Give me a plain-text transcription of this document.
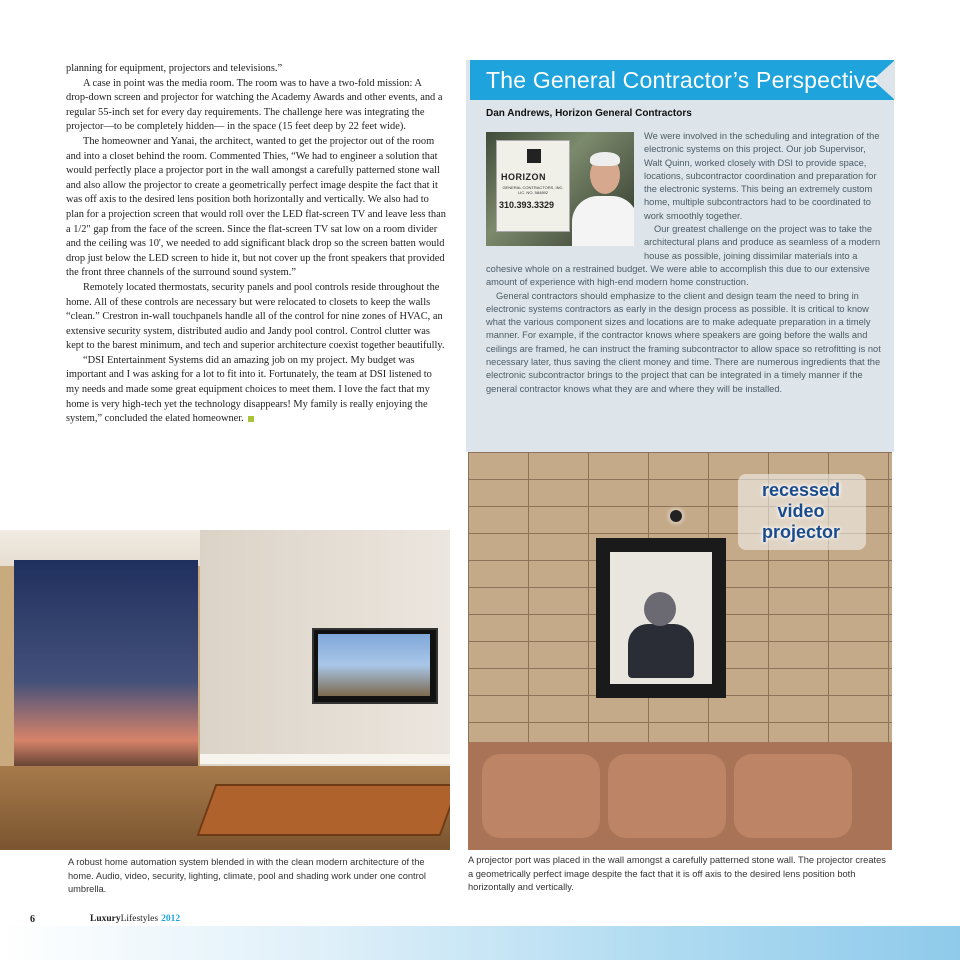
planning for equipment, projectors and televisions.”

A case in point was the media room. The room was to have a two-fold mission: A drop-down screen and projector for watching the Academy Awards and other events, and a regular 55-inch set for every day requirements. The challenge here was integrating the projector—to be completely hidden— in the space (15 feet deep by 22 feet wide).

The homeowner and Yanai, the architect, wanted to get the projector out of the room and into a closet behind the room. Commented Thies, “We had to engineer a solution that would perfectly place a projector port in the wall amongst a carefully patterned stone wall and also allow the projector to create a geometrically perfect image despite the fact that it was off axis to the desired lens position both horizontally and vertically. We also had to plan for a projection screen that would roll over the LED flat-screen TV and leave less than a 1/2" gap from the face of the screen. Since the flat-screen TV sat low on a room divider and the ceiling was 10', we needed to add significant black drop so the screen batten would drop just below the LED screen to hide it, but not cover up the front speakers that provided the front three channels of the surround sound system.”

Remotely located thermostats, security panels and pool controls reside throughout the home. All of these controls are necessary but were relocated to closets to keep the walls “clean.” Crestron in-wall touchpanels handle all of the control for nine zones of HVAC, an extensive security system, distributed audio and Jandy pool control. Control clutter was kept to the barest minimum, and tech and superior architecture coexist together beautifully.

“DSI Entertainment Systems did an amazing job on my project. My budget was important and I was asking for a lot to fit into it. Fortunately, the team at DSI listened to my needs and made some great equipment choices to meet them. I love the fact that my home is very high-tech yet the technology disappears! My family is really enjoying the system,” concluded the elated homeowner.

The General Contractor’s Perspective
Dan Andrews, Horizon General Contractors
HORIZON
GENERAL CONTRACTORS, INC. LIC. NO. 584892
310.393.3329

We were involved in the scheduling and integration of the electronic systems on this project. Our job Supervisor, Walt Quinn, worked closely with DSI to provide space, locations, subcontractor coordination and preparation for the electronic systems. This being an extremely custom home, multiple subcontractors had to be coordinated to work smoothly together.

Our greatest challenge on the project was to take the architectural plans and produce as seamless of a modern house as possible, joining dissimilar materials into a cohesive whole on a restrained budget. We were able to accomplish this due to our extensive amount of experience with high-end modern home construction.

General contractors should emphasize to the client and design team the need to bring in electronic systems contractors as early in the design process as possible. It is critical to know what the various component sizes and locations are to make adequate preparation in a timely manner. For example, if the contractor knows where speakers are going before the walls and ceilings are framed, he can instruct the framing subcontractor to allow space so retrofitting is not necessary later, thus saving the client money and time. There are numerous ingredients that the electronic subcontractor brings to the project that can be integrated in a timely manner if the general contractor knows what they are and where they will be installed.

recessed video projector
A robust home automation system blended in with the clean modern architecture of the home. Audio, video, security, lighting, climate, pool and shading work under one control umbrella.
A projector port was placed in the wall amongst a carefully patterned stone wall. The projector creates a geometrically perfect image despite the fact that it is off axis to the desired lens position both horizontally and vertically.
6	LuxuryLifestyles 2012
